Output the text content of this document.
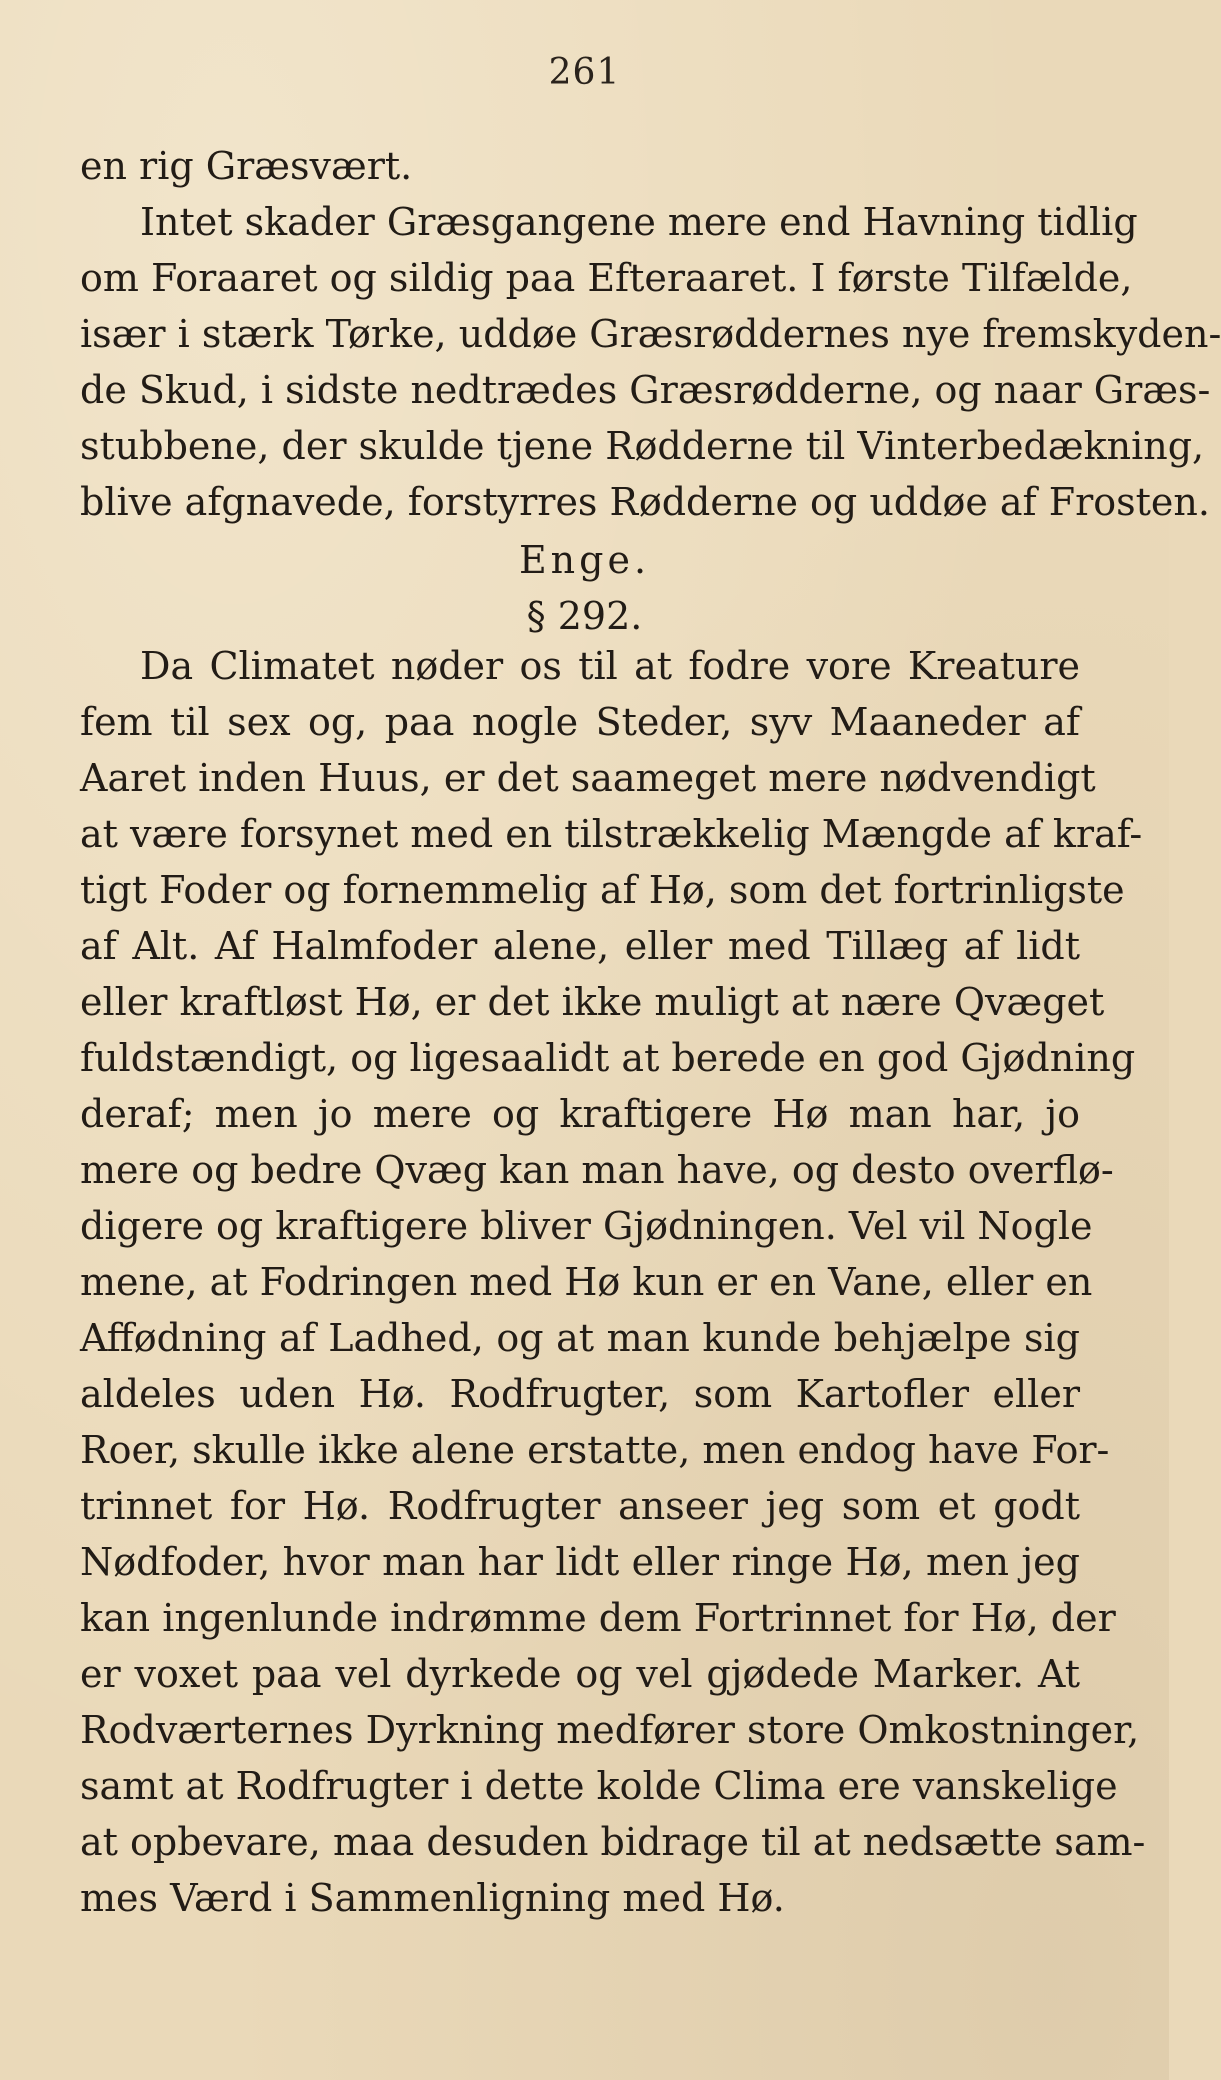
261
en rig Græsvært.
Intet skader Græsgangene mere end Havning tidlig
om Foraaret og sildig paa Efteraaret. I første Tilfælde,
især i stærk Tørke, uddøe Græsrøddernes nye fremskyden-
de Skud, i sidste nedtrædes Græsrødderne, og naar Græs-
stubbene, der skulde tjene Rødderne til Vinterbedækning,
blive afgnavede, forstyrres Rødderne og uddøe af Frosten.
Enge.
§ 292.
Da Climatet nøder os til at fodre vore Kreature
fem til sex og, paa nogle Steder, syv Maaneder af
Aaret inden Huus, er det saameget mere nødvendigt
at være forsynet med en tilstrækkelig Mængde af kraf-
tigt Foder og fornemmelig af Hø, som det fortrinligste
af Alt. Af Halmfoder alene, eller med Tillæg af lidt
eller kraftløst Hø, er det ikke muligt at nære Qvæget
fuldstændigt, og ligesaalidt at berede en god Gjødning
deraf; men jo mere og kraftigere Hø man har, jo
mere og bedre Qvæg kan man have, og desto overflø-
digere og kraftigere bliver Gjødningen. Vel vil Nogle
mene, at Fodringen med Hø kun er en Vane, eller en
Affødning af Ladhed, og at man kunde behjælpe sig
aldeles uden Hø. Rodfrugter, som Kartofler eller
Roer, skulle ikke alene erstatte, men endog have For-
trinnet for Hø. Rodfrugter anseer jeg som et godt
Nødfoder, hvor man har lidt eller ringe Hø, men jeg
kan ingenlunde indrømme dem Fortrinnet for Hø, der
er voxet paa vel dyrkede og vel gjødede Marker. At
Rodværternes Dyrkning medfører store Omkostninger,
samt at Rodfrugter i dette kolde Clima ere vanskelige
at opbevare, maa desuden bidrage til at nedsætte sam-
mes Værd i Sammenligning med Hø.
